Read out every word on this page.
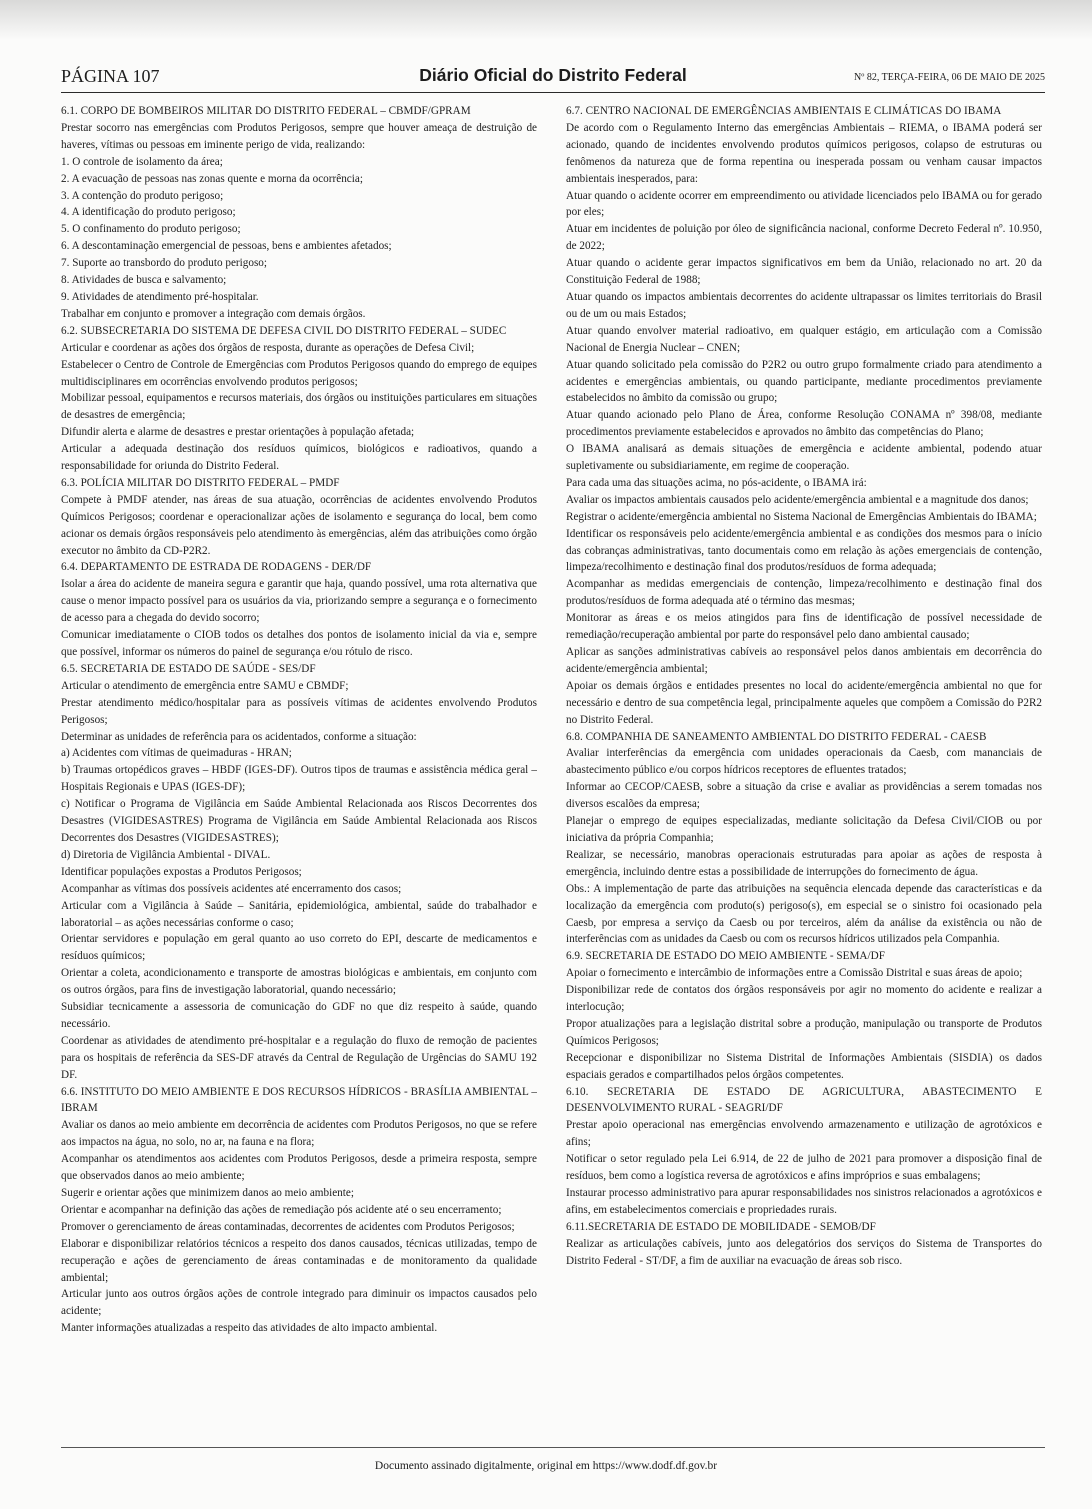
PÁGINA 107	Diário Oficial do Distrito Federal	Nº 82, TERÇA-FEIRA, 06 DE MAIO DE 2025

6.1. CORPO DE BOMBEIROS MILITAR DO DISTRITO FEDERAL – CBMDF/GPRAM

Prestar socorro nas emergências com Produtos Perigosos, sempre que houver ameaça de destruição de haveres, vítimas ou pessoas em iminente perigo de vida, realizando:

1. O controle de isolamento da área;

2. A evacuação de pessoas nas zonas quente e morna da ocorrência;

3. A contenção do produto perigoso;

4. A identificação do produto perigoso;

5. O confinamento do produto perigoso;

6. A descontaminação emergencial de pessoas, bens e ambientes afetados;

7. Suporte ao transbordo do produto perigoso;

8. Atividades de busca e salvamento;

9. Atividades de atendimento pré-hospitalar.

Trabalhar em conjunto e promover a integração com demais órgãos.

6.2. SUBSECRETARIA DO SISTEMA DE DEFESA CIVIL DO DISTRITO FEDERAL – SUDEC

Articular e coordenar as ações dos órgãos de resposta, durante as operações de Defesa Civil;

Estabelecer o Centro de Controle de Emergências com Produtos Perigosos quando do emprego de equipes multidisciplinares em ocorrências envolvendo produtos perigosos;

Mobilizar pessoal, equipamentos e recursos materiais, dos órgãos ou instituições particulares em situações de desastres de emergência;

Difundir alerta e alarme de desastres e prestar orientações à população afetada;

Articular a adequada destinação dos resíduos químicos, biológicos e radioativos, quando a responsabilidade for oriunda do Distrito Federal.

6.3. POLÍCIA MILITAR DO DISTRITO FEDERAL – PMDF

Compete à PMDF atender, nas áreas de sua atuação, ocorrências de acidentes envolvendo Produtos Químicos Perigosos; coordenar e operacionalizar ações de isolamento e segurança do local, bem como acionar os demais órgãos responsáveis pelo atendimento às emergências, além das atribuições como órgão executor no âmbito da CD-P2R2.

6.4. DEPARTAMENTO DE ESTRADA DE RODAGENS - DER/DF

Isolar a área do acidente de maneira segura e garantir que haja, quando possível, uma rota alternativa que cause o menor impacto possível para os usuários da via, priorizando sempre a segurança e o fornecimento de acesso para a chegada do devido socorro;

Comunicar imediatamente o CIOB todos os detalhes dos pontos de isolamento inicial da via e, sempre que possível, informar os números do painel de segurança e/ou rótulo de risco.

6.5. SECRETARIA DE ESTADO DE SAÚDE - SES/DF

Articular o atendimento de emergência entre SAMU e CBMDF;

Prestar atendimento médico/hospitalar para as possíveis vítimas de acidentes envolvendo Produtos Perigosos;

Determinar as unidades de referência para os acidentados, conforme a situação:

a) Acidentes com vítimas de queimaduras - HRAN;

b) Traumas ortopédicos graves – HBDF (IGES-DF). Outros tipos de traumas e assistência médica geral – Hospitais Regionais e UPAS (IGES-DF);

c) Notificar o Programa de Vigilância em Saúde Ambiental Relacionada aos Riscos Decorrentes dos Desastres (VIGIDESASTRES) Programa de Vigilância em Saúde Ambiental Relacionada aos Riscos Decorrentes dos Desastres (VIGIDESASTRES);

d) Diretoria de Vigilância Ambiental - DIVAL.

Identificar populações expostas a Produtos Perigosos;

Acompanhar as vítimas dos possíveis acidentes até encerramento dos casos;

Articular com a Vigilância à Saúde – Sanitária, epidemiológica, ambiental, saúde do trabalhador e laboratorial – as ações necessárias conforme o caso;

Orientar servidores e população em geral quanto ao uso correto do EPI, descarte de medicamentos e resíduos químicos;

Orientar a coleta, acondicionamento e transporte de amostras biológicas e ambientais, em conjunto com os outros órgãos, para fins de investigação laboratorial, quando necessário;

Subsidiar tecnicamente a assessoria de comunicação do GDF no que diz respeito à saúde, quando necessário.

Coordenar as atividades de atendimento pré-hospitalar e a regulação do fluxo de remoção de pacientes para os hospitais de referência da SES-DF através da Central de Regulação de Urgências do SAMU 192 DF.

6.6. INSTITUTO DO MEIO AMBIENTE E DOS RECURSOS HÍDRICOS - BRASÍLIA AMBIENTAL – IBRAM

Avaliar os danos ao meio ambiente em decorrência de acidentes com Produtos Perigosos, no que se refere aos impactos na água, no solo, no ar, na fauna e na flora;

Acompanhar os atendimentos aos acidentes com Produtos Perigosos, desde a primeira resposta, sempre que observados danos ao meio ambiente;

Sugerir e orientar ações que minimizem danos ao meio ambiente;

Orientar e acompanhar na definição das ações de remediação pós acidente até o seu encerramento;

Promover o gerenciamento de áreas contaminadas, decorrentes de acidentes com Produtos Perigosos;

Elaborar e disponibilizar relatórios técnicos a respeito dos danos causados, técnicas utilizadas, tempo de recuperação e ações de gerenciamento de áreas contaminadas e de monitoramento da qualidade ambiental;

Articular junto aos outros órgãos ações de controle integrado para diminuir os impactos causados pelo acidente;

Manter informações atualizadas a respeito das atividades de alto impacto ambiental.

6.7. CENTRO NACIONAL DE EMERGÊNCIAS AMBIENTAIS E CLIMÁTICAS DO IBAMA

De acordo com o Regulamento Interno das emergências Ambientais – RIEMA, o IBAMA poderá ser acionado, quando de incidentes envolvendo produtos químicos perigosos, colapso de estruturas ou fenômenos da natureza que de forma repentina ou inesperada possam ou venham causar impactos ambientais inesperados, para:

Atuar quando o acidente ocorrer em empreendimento ou atividade licenciados pelo IBAMA ou for gerado por eles;

Atuar em incidentes de poluição por óleo de significância nacional, conforme Decreto Federal nº. 10.950, de 2022;

Atuar quando o acidente gerar impactos significativos em bem da União, relacionado no art. 20 da Constituição Federal de 1988;

Atuar quando os impactos ambientais decorrentes do acidente ultrapassar os limites territoriais do Brasil ou de um ou mais Estados;

Atuar quando envolver material radioativo, em qualquer estágio, em articulação com a Comissão Nacional de Energia Nuclear – CNEN;

Atuar quando solicitado pela comissão do P2R2 ou outro grupo formalmente criado para atendimento a acidentes e emergências ambientais, ou quando participante, mediante procedimentos previamente estabelecidos no âmbito da comissão ou grupo;

Atuar quando acionado pelo Plano de Área, conforme Resolução CONAMA nº 398/08, mediante procedimentos previamente estabelecidos e aprovados no âmbito das competências do Plano;

O IBAMA analisará as demais situações de emergência e acidente ambiental, podendo atuar supletivamente ou subsidiariamente, em regime de cooperação.

Para cada uma das situações acima, no pós-acidente, o IBAMA irá:

Avaliar os impactos ambientais causados pelo acidente/emergência ambiental e a magnitude dos danos;

Registrar o acidente/emergência ambiental no Sistema Nacional de Emergências Ambientais do IBAMA;

Identificar os responsáveis pelo acidente/emergência ambiental e as condições dos mesmos para o início das cobranças administrativas, tanto documentais como em relação às ações emergenciais de contenção, limpeza/recolhimento e destinação final dos produtos/resíduos de forma adequada;

Acompanhar as medidas emergenciais de contenção, limpeza/recolhimento e destinação final dos produtos/resíduos de forma adequada até o término das mesmas;

Monitorar as áreas e os meios atingidos para fins de identificação de possível necessidade de remediação/recuperação ambiental por parte do responsável pelo dano ambiental causado;

Aplicar as sanções administrativas cabíveis ao responsável pelos danos ambientais em decorrência do acidente/emergência ambiental;

Apoiar os demais órgãos e entidades presentes no local do acidente/emergência ambiental no que for necessário e dentro de sua competência legal, principalmente aqueles que compõem a Comissão do P2R2 no Distrito Federal.

6.8. COMPANHIA DE SANEAMENTO AMBIENTAL DO DISTRITO FEDERAL - CAESB

Avaliar interferências da emergência com unidades operacionais da Caesb, com mananciais de abastecimento público e/ou corpos hídricos receptores de efluentes tratados;

Informar ao CECOP/CAESB, sobre a situação da crise e avaliar as providências a serem tomadas nos diversos escalões da empresa;

Planejar o emprego de equipes especializadas, mediante solicitação da Defesa Civil/CIOB ou por iniciativa da própria Companhia;

Realizar, se necessário, manobras operacionais estruturadas para apoiar as ações de resposta à emergência, incluindo dentre estas a possibilidade de interrupções do fornecimento de água.

Obs.: A implementação de parte das atribuições na sequência elencada depende das características e da localização da emergência com produto(s) perigoso(s), em especial se o sinistro foi ocasionado pela Caesb, por empresa a serviço da Caesb ou por terceiros, além da análise da existência ou não de interferências com as unidades da Caesb ou com os recursos hídricos utilizados pela Companhia.

6.9. SECRETARIA DE ESTADO DO MEIO AMBIENTE - SEMA/DF

Apoiar o fornecimento e intercâmbio de informações entre a Comissão Distrital e suas áreas de apoio;

Disponibilizar rede de contatos dos órgãos responsáveis por agir no momento do acidente e realizar a interlocução;

Propor atualizações para a legislação distrital sobre a produção, manipulação ou transporte de Produtos Químicos Perigosos;

Recepcionar e disponibilizar no Sistema Distrital de Informações Ambientais (SISDIA) os dados espaciais gerados e compartilhados pelos órgãos competentes.

6.10. SECRETARIA DE ESTADO DE AGRICULTURA, ABASTECIMENTO E DESENVOLVIMENTO RURAL - SEAGRI/DF

Prestar apoio operacional nas emergências envolvendo armazenamento e utilização de agrotóxicos e afins;

Notificar o setor regulado pela Lei 6.914, de 22 de julho de 2021 para promover a disposição final de resíduos, bem como a logística reversa de agrotóxicos e afins impróprios e suas embalagens;

Instaurar processo administrativo para apurar responsabilidades nos sinistros relacionados a agrotóxicos e afins, em estabelecimentos comerciais e propriedades rurais.

6.11.SECRETARIA DE ESTADO DE MOBILIDADE - SEMOB/DF

Realizar as articulações cabíveis, junto aos delegatórios dos serviços do Sistema de Transportes do Distrito Federal - ST/DF, a fim de auxiliar na evacuação de áreas sob risco.

Documento assinado digitalmente, original em https://www.dodf.df.gov.br
